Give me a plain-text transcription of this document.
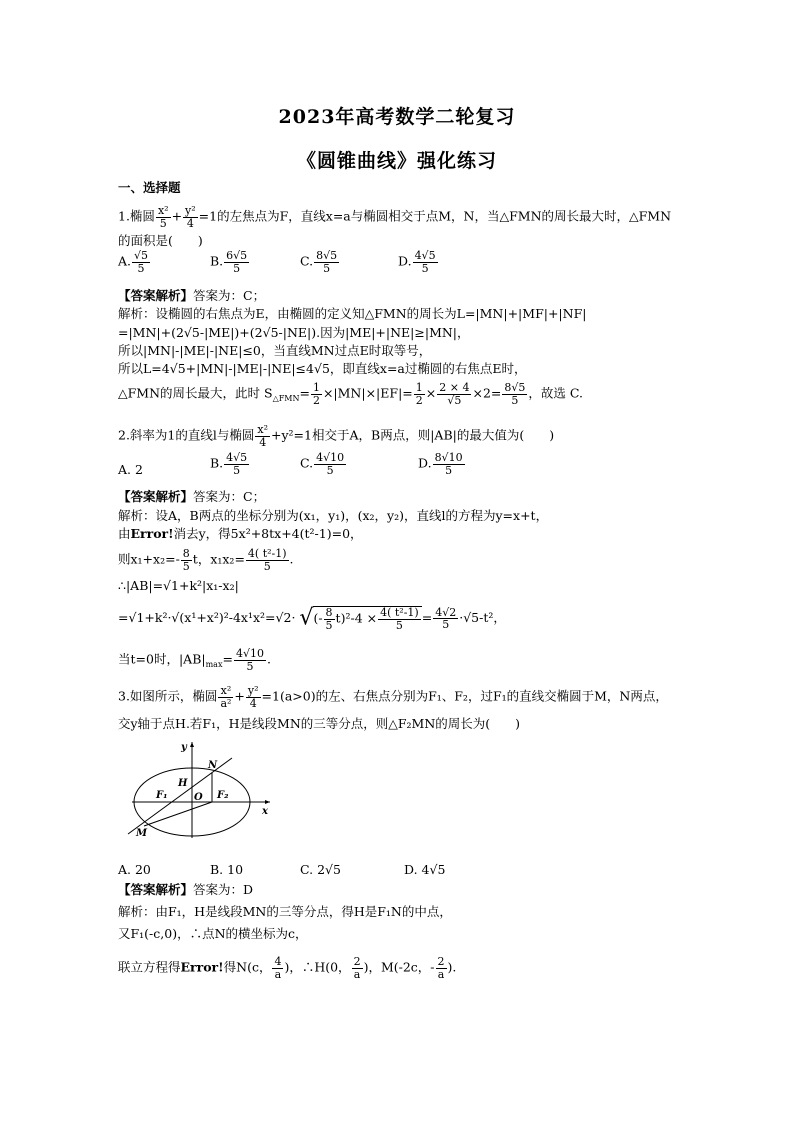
2023年高考数学二轮复习
《圆锥曲线》强化练习
一、选择题
1.椭圆 $\frac{\text{x²}}{5} + \frac{\text{y²}}{4} =1$的左焦点为F，直线x=a与椭圆相交于点M，N，当△FMN的周长最大时，△FMN
的面积是(　　)
A. $\frac{√5}{5}$	B. $\frac{6√5}{5}$	C. $\frac{8√5}{5}$	D. $\frac{4√5}{5}$
【答案解析】答案为：C；
解析：设椭圆的右焦点为E，由椭圆的定义知△FMN的周长为L=|MN|+|MF|+|NF|
=|MN|+(2√5-|ME|)+(2√5-|NE|).因为|ME|+|NE|≥|MN|，
所以|MN|-|ME|-|NE|≤0，当直线MN过点E时取等号，
所以L=4√5+|MN|-|ME|-|NE|≤4√5，即直线x=a过椭圆的右焦点E时，
△FMN的周长最大，此时 $S_{\triangle FMN}= \frac{1}{2} \times|MN|\times|EF|= \frac{1}{2} \times \frac{2 \times 4}{√5} \times 2= \frac{8√5}{5}$ ，故选 C.
2.斜率为1的直线l与椭圆 $\frac{\text{x²}}{4} +y^2=1$相交于A，B两点，则|AB|的最大值为(　　)
A. 2	B. $\frac{4√5}{5}$	C. $\frac{4√10}{5}$	D. $\frac{8√10}{5}$
【答案解析】答案为：C；
解析：设A，B两点的坐标分别为(x₁，y₁)，(x₂，y₂)，直线l的方程为y=x+t，
由Error!消去y，得5x²+8tx+4(t²-1)=0，
则$x_1+x_2=- \frac{8}{5}$ t，$x_1x_2= \frac{\text{4( t²-1)}}{5}$ .
∴|AB|=√1+k²|x₁-x₂|
=√1+k²·√(x¹+x²)²-4x¹x²=√2· √(- $\frac{8}{5} t)^2-4 \times \frac{\text{4( t²-1)}}{5} = \frac{4√2}{5} \cdot√5-t^2$，
当t=0时，$|AB|_{max}= \frac{4√10}{5}$ .
3.如图所示，椭圆 $\frac{\text{x²}}{\text{a²}} + \frac{\text{y²}}{4} =1(a>0)$的左、右焦点分别为F₁、F₂，过F₁的直线交椭圆于M，N两点，
交y轴于点H.若F₁，H是线段MN的三等分点，则△F₂MN的周长为(　　)
y
x
N
H
F₁	O F₂
M
A. 20	B. 10	C. 2√5	D. 4√5
【答案解析】答案为：D
解析：由F₁，H是线段MN的三等分点，得H是F₁N的中点，
又F₁(-c,0)，∴点N的横坐标为c，
联立方程得Error!得N(c， $\frac{4}{a}$ )，∴H(0， $\frac{2}{a}$ )，M(-2c，- $\frac{2}{a}$ ).
